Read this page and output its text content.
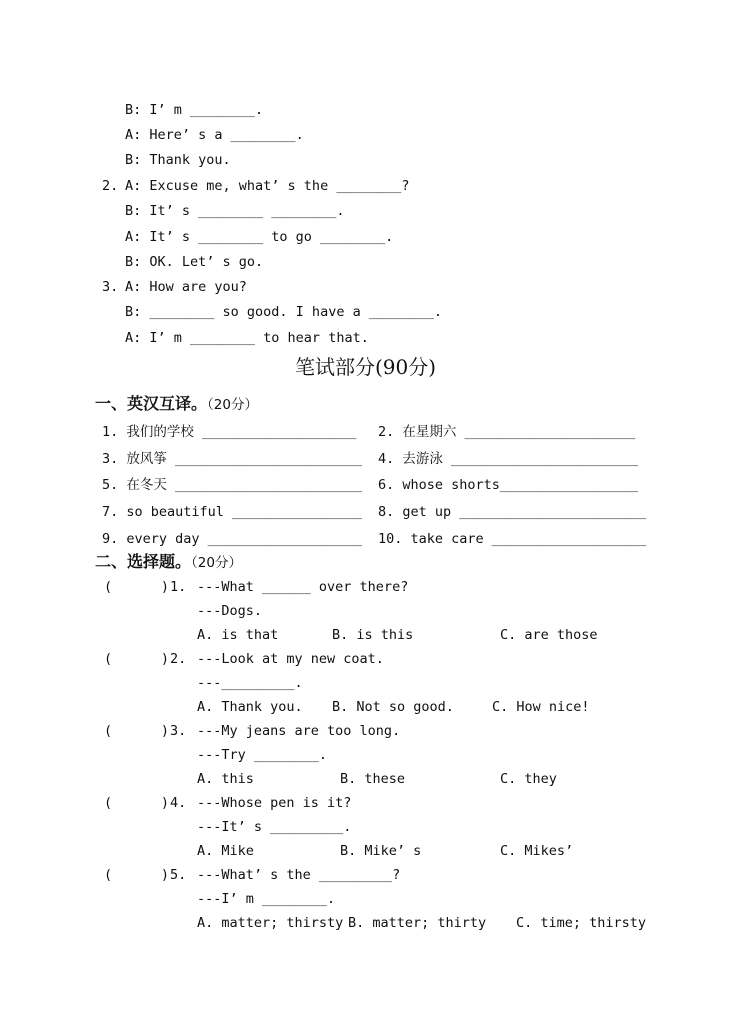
B: I’ m ________.
A: Here’ s a ________.
B: Thank you.
2. A: Excuse me, what’ s the ________?
B: It’ s ________ ________.
A: It’ s ________ to go ________.
B: OK. Let’ s go.
3. A: How are you?
B: ________ so good. I have a ________.
A: I’ m ________ to hear that.
笔试部分(90分)
一、英汉互译。（20分）
1. 我们的学校 ___________________ 2. 在星期六 _____________________
3. 放风筝 _______________________ 4. 去游泳 _______________________
5. 在冬天 _______________________ 6. whose shorts_________________
7. so beautiful ________________ 8. get up _______________________
9. every day ___________________ 10. take care ___________________
二、选择题。（20分）
(      ) 1. ---What ______ over there?
---Dogs.
A. is that	B. is this	C. are those
(      ) 2. ---Look at my new coat.
---_________.
A. Thank you. B. Not so good.	C. How nice!
(      ) 3. ---My jeans are too long.
---Try ________.
A. this	B. these	C. they
(      ) 4. ---Whose pen is it?
---It’ s _________.
A. Mike	B. Mike’ s	C. Mikes’
(      ) 5. ---What’ s the _________?
---I’ m ________.
A. matter; thirsty B. matter; thirty C. time; thirsty
